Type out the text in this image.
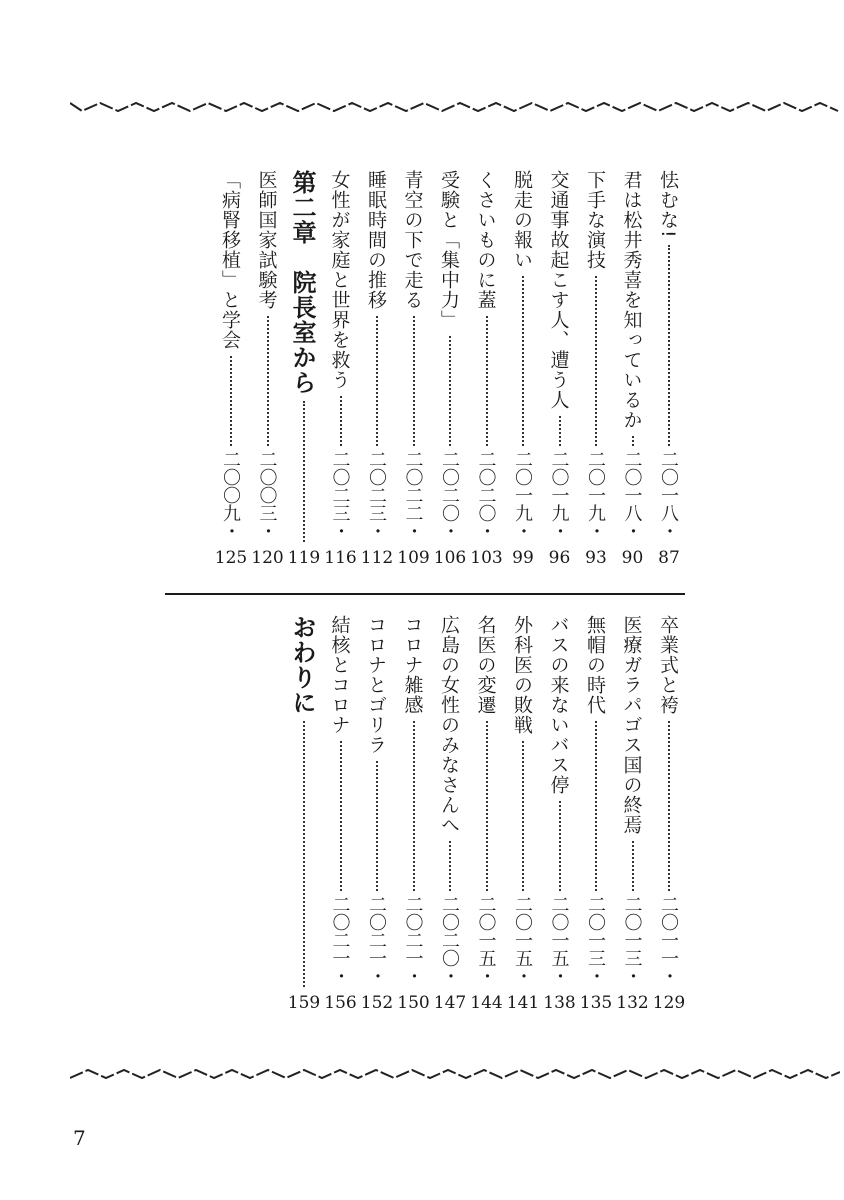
怯むな!
二〇一八・
87
君は松井秀喜を知っているか
二〇一八・
90
下手な演技
二〇一九・
93
交通事故起こす人、遭う人
二〇一九・
96
脱走の報い
二〇一九・
99
くさいものに蓋
二〇二〇・
103
受験と「集中力」
二〇二〇・
106
青空の下で走る
二〇二二・
109
睡眠時間の推移
二〇二三・
112
女性が家庭と世界を救う
二〇二三・
116
第二章　院長室から
119
医師国家試験考
二〇〇三・
120
「病腎移植」と学会
二〇〇九・
125
卒業式と袴
二〇一一・
129
医療ガラパゴス国の終焉
二〇一三・
132
無帽の時代
二〇一三・
135
バスの来ないバス停
二〇一五・
138
外科医の敗戦
二〇一五・
141
名医の変遷
二〇一五・
144
広島の女性のみなさんへ
二〇二〇・
147
コロナ雑感
二〇二一・
150
コロナとゴリラ
二〇二一・
152
結核とコロナ
二〇二一・
156
おわりに
159
7
